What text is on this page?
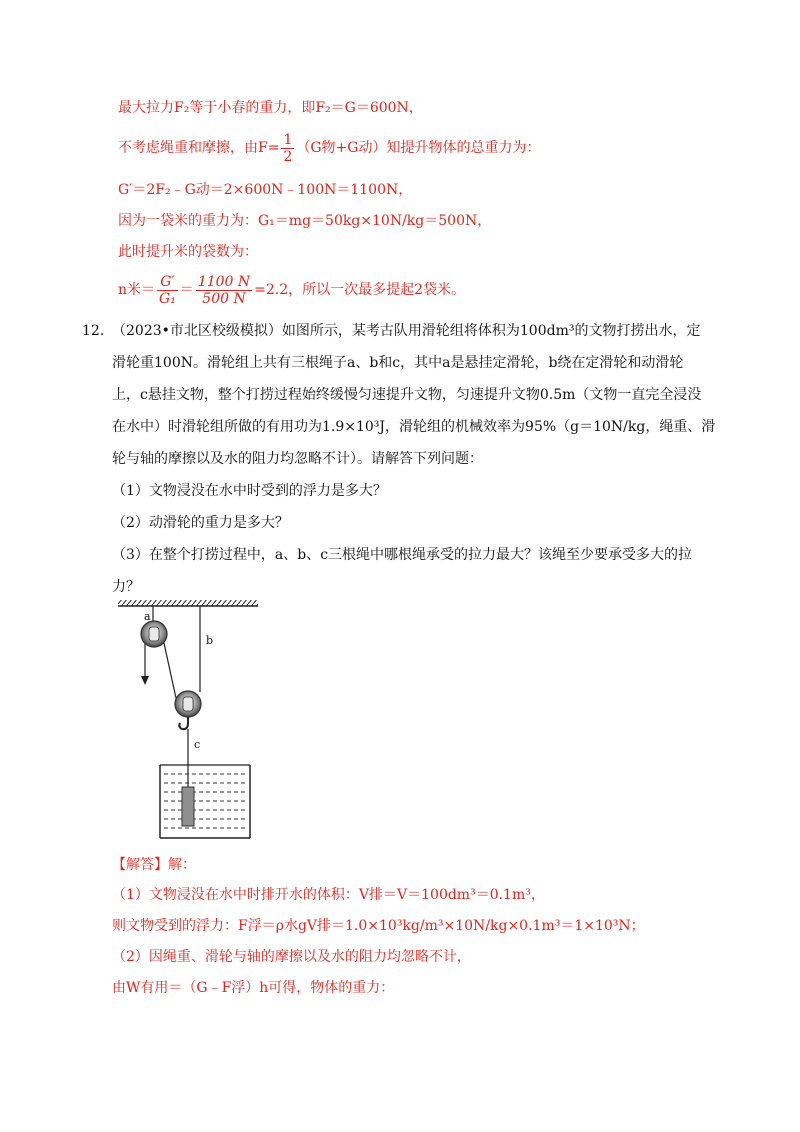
最大拉力F₂等于小春的重力，即F₂＝G＝600N，
不考虑绳重和摩擦，由$F= \frac{1}{2} (G$物+G动）知提升物体的总重力为：
G′＝2F₂﹣G动＝2×600N﹣100N＝1100N，
因为一袋米的重力为：G₁＝mg＝50kg×10N/kg＝500N，
此时提升米的袋数为：
n米＝ $\frac{G'}{\text{G₁}} = \frac{1100 N}{500 N} =2.2$，所以一次最多提起2袋米。
12. （2023•市北区校级模拟）如图所示，某考古队用滑轮组将体积为100dm³的文物打捞出水，定
滑轮重100N。滑轮组上共有三根绳子a、b和c，其中a是悬挂定滑轮，b绕在定滑轮和动滑轮
上，c悬挂文物，整个打捞过程始终缓慢匀速提升文物，匀速提升文物0.5m（文物一直完全浸没
在水中）时滑轮组所做的有用功为1.9×10³J，滑轮组的机械效率为95%（g＝10N/kg，绳重、滑
轮与轴的摩擦以及水的阻力均忽略不计）。请解答下列问题：
（1）文物浸没在水中时受到的浮力是多大？
（2）动滑轮的重力是多大？
（3）在整个打捞过程中，a、b、c三根绳中哪根绳承受的拉力最大？该绳至少要承受多大的拉
力？
a
b
c
【解答】解：
（1）文物浸没在水中时排开水的体积：V排＝V＝100dm³＝0.1m³，
则文物受到的浮力：F浮＝ρ水gV排＝1.0×10³kg/m³×10N/kg×0.1m³＝1×10³N；
（2）因绳重、滑轮与轴的摩擦以及水的阻力均忽略不计，
由W有用＝（G﹣F浮）h可得，物体的重力：
